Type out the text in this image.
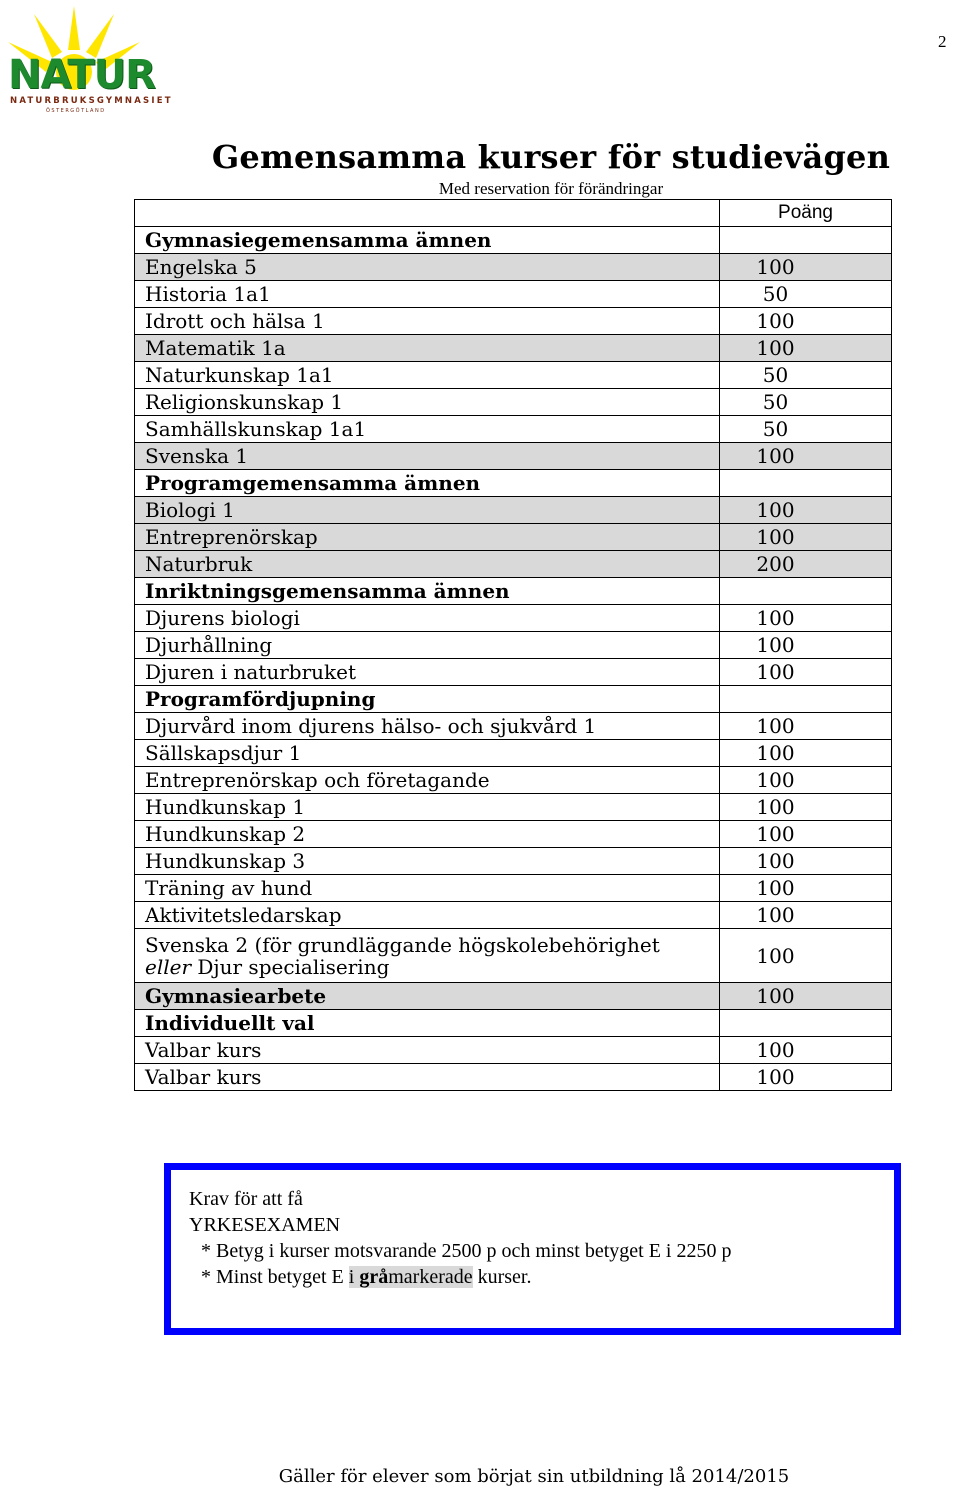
2
NATUR
NATURBRUKSGYMNASIET
ÖSTERGÖTLAND
Gemensamma kurser för studievägen
Med reservation för förändringar
	Poäng
Gymnasiegemensamma ämnen	
Engelska 5	100
Historia 1a1	50
Idrott och hälsa 1	100
Matematik 1a	100
Naturkunskap 1a1	50
Religionskunskap 1	50
Samhällskunskap 1a1	50
Svenska 1	100
Programgemensamma ämnen	
Biologi 1	100
Entreprenörskap	100
Naturbruk	200
Inriktningsgemensamma ämnen	
Djurens biologi	100
Djurhållning	100
Djuren i naturbruket	100
Programfördjupning	
Djurvård inom djurens hälso- och sjukvård 1	100
Sällskapsdjur 1	100
Entreprenörskap och företagande	100
Hundkunskap 1	100
Hundkunskap 2	100
Hundkunskap 3	100
Träning av hund	100
Aktivitetsledarskap	100

Svenska 2 (för grundläggande högskolebehörighet
eller Djur specialisering	100
Gymnasiearbete	100
Individuellt val	
Valbar kurs	100
Valbar kurs	100
Krav för att få
YRKESEXAMEN
* Betyg i kurser motsvarande 2500 p och minst betyget E i 2250 p
* Minst betyget E i gråmarkerade kurser.
Gäller för elever som börjat sin utbildning lå 2014/2015
